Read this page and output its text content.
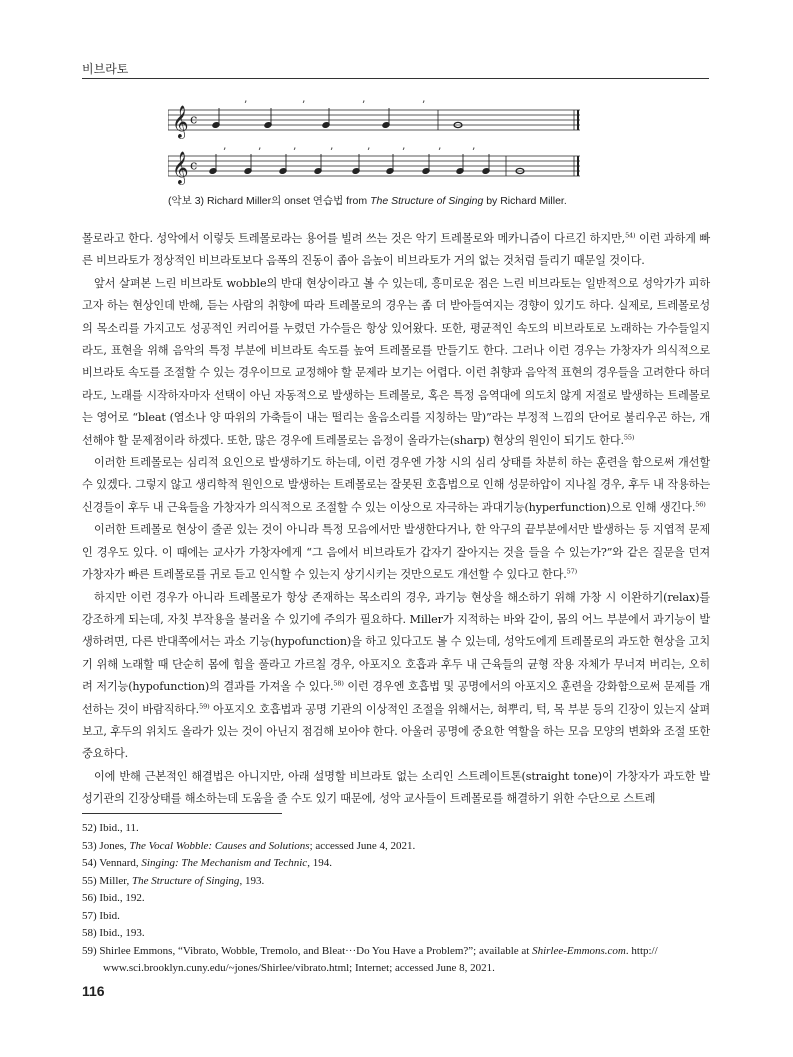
비브라토
𝄞 c
’	’	’	’
𝄞 c
’	’	’	’	’	’	’	’
(악보 3) Richard Miller의 onset 연습법 from The Structure of Singing by Richard Miller.

몰로라고 한다. 성악에서 이렇듯 트레몰로라는 용어를 빌려 쓰는 것은 악기 트레몰로와 메카니즘이 다르긴 하지만,$^{54)}$ 이런 과하게 빠른 비브라토가 정상적인 비브라토보다 음폭의 진동이 좁아 음높이 비브라토가 거의 없는 것처럼 들리기 때문일 것이다.

앞서 살펴본 느린 비브라토 wobble의 반대 현상이라고 볼 수 있는데, 흥미로운 점은 느린 비브라토는 일반적으로 성악가가 피하고자 하는 현상인데 반해, 듣는 사람의 취향에 따라 트레몰로의 경우는 좀 더 받아들여지는 경향이 있기도 하다. 실제로, 트레몰로성의 목소리를 가지고도 성공적인 커리어를 누렸던 가수들은 항상 있어왔다. 또한, 평균적인 속도의 비브라토로 노래하는 가수들일지라도, 표현을 위해 음악의 특정 부분에 비브라토 속도를 높여 트레몰로를 만들기도 한다. 그러나 이런 경우는 가창자가 의식적으로 비브라토 속도를 조절할 수 있는 경우이므로 교정해야 할 문제라 보기는 어렵다. 이런 취향과 음악적 표현의 경우들을 고려한다 하더라도, 노래를 시작하자마자 선택이 아닌 자동적으로 발생하는 트레몰로, 혹은 특정 음역대에 의도치 않게 저절로 발생하는 트레몰로는 영어로 “bleat (염소나 양 따위의 가축들이 내는 떨리는 울음소리를 지칭하는 말)”라는 부정적 느낌의 단어로 불리우곤 하는, 개선해야 할 문제점이라 하겠다. 또한, 많은 경우에 트레몰로는 음정이 올라가는(sharp) 현상의 원인이 되기도 한다.$^{55)}$

이러한 트레몰로는 심리적 요인으로 발생하기도 하는데, 이런 경우엔 가창 시의 심리 상태를 차분히 하는 훈련을 함으로써 개선할 수 있겠다. 그렇지 않고 생리학적 원인으로 발생하는 트레몰로는 잘못된 호흡법으로 인해 성문하압이 지나칠 경우, 후두 내 작용하는 신경들이 후두 내 근육들을 가창자가 의식적으로 조절할 수 있는 이상으로 자극하는 과대기능(hyperfunction)으로 인해 생긴다.$^{56)}$

이러한 트레몰로 현상이 줄곧 있는 것이 아니라 특정 모음에서만 발생한다거나, 한 악구의 끝부분에서만 발생하는 등 지엽적 문제인 경우도 있다. 이 때에는 교사가 가창자에게 “그 음에서 비브라토가 갑자기 잘아지는 것을 들을 수 있는가?”와 같은 질문을 던져 가창자가 빠른 트레몰로를 귀로 듣고 인식할 수 있는지 상기시키는 것만으로도 개선할 수 있다고 한다.$^{57)}$

하지만 이런 경우가 아니라 트레몰로가 항상 존재하는 목소리의 경우, 과기능 현상을 해소하기 위해 가창 시 이완하기(relax)를 강조하게 되는데, 자칫 부작용을 불러올 수 있기에 주의가 필요하다. Miller가 지적하는 바와 같이, 몸의 어느 부분에서 과기능이 발생하려면, 다른 반대쪽에서는 과소 기능(hypofunction)을 하고 있다고도 볼 수 있는데, 성악도에게 트레몰로의 과도한 현상을 고치기 위해 노래할 때 단순히 몸에 힘을 풀라고 가르칠 경우, 아포지오 호흡과 후두 내 근육들의 균형 작용 자체가 무너져 버리는, 오히려 저기능(hypofunction)의 결과를 가져올 수 있다.$^{58)}$ 이런 경우엔 호흡법 및 공명에서의 아포지오 훈련을 강화함으로써 문제를 개선하는 것이 바람직하다.$^{59)}$ 아포지오 호흡법과 공명 기관의 이상적인 조절을 위해서는, 혀뿌리, 턱, 목 부분 등의 긴장이 있는지 살펴보고, 후두의 위치도 올라가 있는 것이 아닌지 점검해 보아야 한다. 아울러 공명에 중요한 역할을 하는 모음 모양의 변화와 조절 또한 중요하다.

이에 반해 근본적인 해결법은 아니지만, 아래 설명할 비브라토 없는 소리인 스트레이트톤(straight tone)이 가창자가 과도한 발성기관의 긴장상태를 해소하는데 도움을 줄 수도 있기 때문에, 성악 교사들이 트레몰로를 해결하기 위한 수단으로 스트레

52) Ibid., 11.

53) Jones, The Vocal Wobble: Causes and Solutions; accessed June 4, 2021.

54) Vennard, Singing: The Mechanism and Technic, 194.

55) Miller, The Structure of Singing, 193.

56) Ibid., 192.

57) Ibid.

58) Ibid., 193.

59) Shirlee Emmons, “Vibrato, Wobble, Tremolo, and Bleat···Do You Have a Problem?”; available at Shirlee-Emmons.com. http://

www.sci.brooklyn.cuny.edu/~jones/Shirlee/vibrato.html; Internet; accessed June 8, 2021.

116
